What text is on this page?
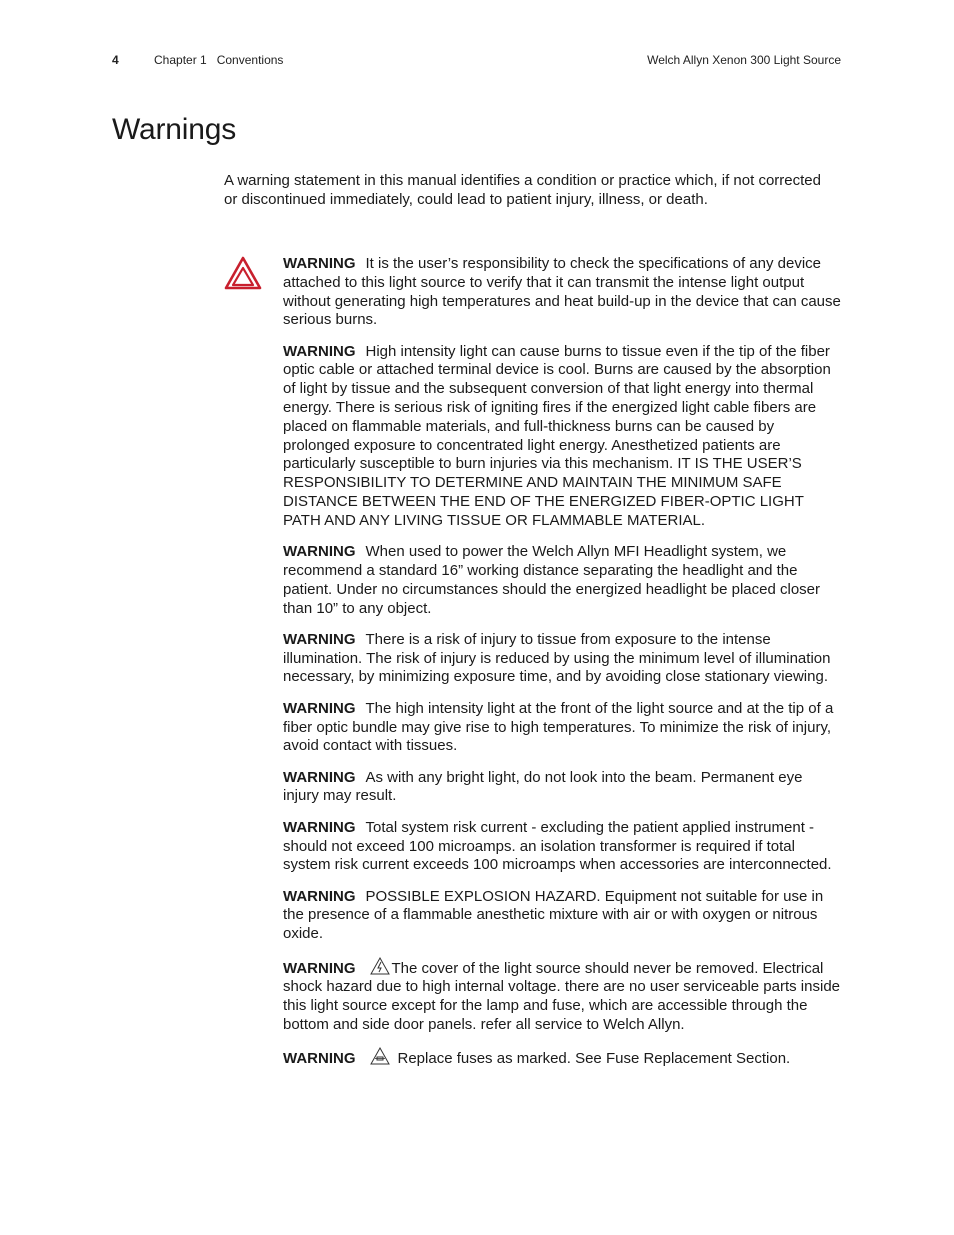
4	Chapter 1   Conventions	Welch Allyn Xenon 300 Light Source
Warnings

A warning statement in this manual identifies a condition or practice which, if not corrected or discontinued immediately, could lead to patient injury, illness, or death.

WARNING It is the user’s responsibility to check the specifications of any device attached to this light source to verify that it can transmit the intense light output without generating high temperatures and heat build-up in the device that can cause serious burns.

WARNING High intensity light can cause burns to tissue even if the tip of the fiber optic cable or attached terminal device is cool. Burns are caused by the absorption of light by tissue and the subsequent conversion of that light energy into thermal energy. There is serious risk of igniting fires if the energized light cable fibers are placed on flammable materials, and full-thickness burns can be caused by prolonged exposure to concentrated light energy. Anesthetized patients are particularly susceptible to burn injuries via this mechanism. IT IS THE USER’S RESPONSIBILITY TO DETERMINE AND MAINTAIN THE MINIMUM SAFE DISTANCE BETWEEN THE END OF THE ENERGIZED FIBER-OPTIC LIGHT PATH AND ANY LIVING TISSUE OR FLAMMABLE MATERIAL.

WARNING When used to power the Welch Allyn MFI Headlight system, we recommend a standard 16” working distance separating the headlight and the patient. Under no circumstances should the energized headlight be placed closer than 10” to any object.

WARNING There is a risk of injury to tissue from exposure to the intense illumination. The risk of injury is reduced by using the minimum level of illumination necessary, by minimizing exposure time, and by avoiding close stationary viewing.

WARNING The high intensity light at the front of the light source and at the tip of a fiber optic bundle may give rise to high temperatures. To minimize the risk of injury, avoid contact with tissues.

WARNING As with any bright light, do not look into the beam. Permanent eye injury may result.

WARNING Total system risk current - excluding the patient applied instrument - should not exceed 100 microamps. an isolation transformer is required if total system risk current exceeds 100 microamps when accessories are interconnected.

WARNING POSSIBLE EXPLOSION HAZARD. Equipment not suitable for use in the presence of a flammable anesthetic mixture with air or with oxygen or nitrous oxide.

WARNING The cover of the light source should never be removed. Electrical shock hazard due to high internal voltage. there are no user serviceable parts inside this light source except for the lamp and fuse, which are accessible through the bottom and side door panels. refer all service to Welch Allyn.

WARNING	Replace fuses as marked. See Fuse Replacement Section.
